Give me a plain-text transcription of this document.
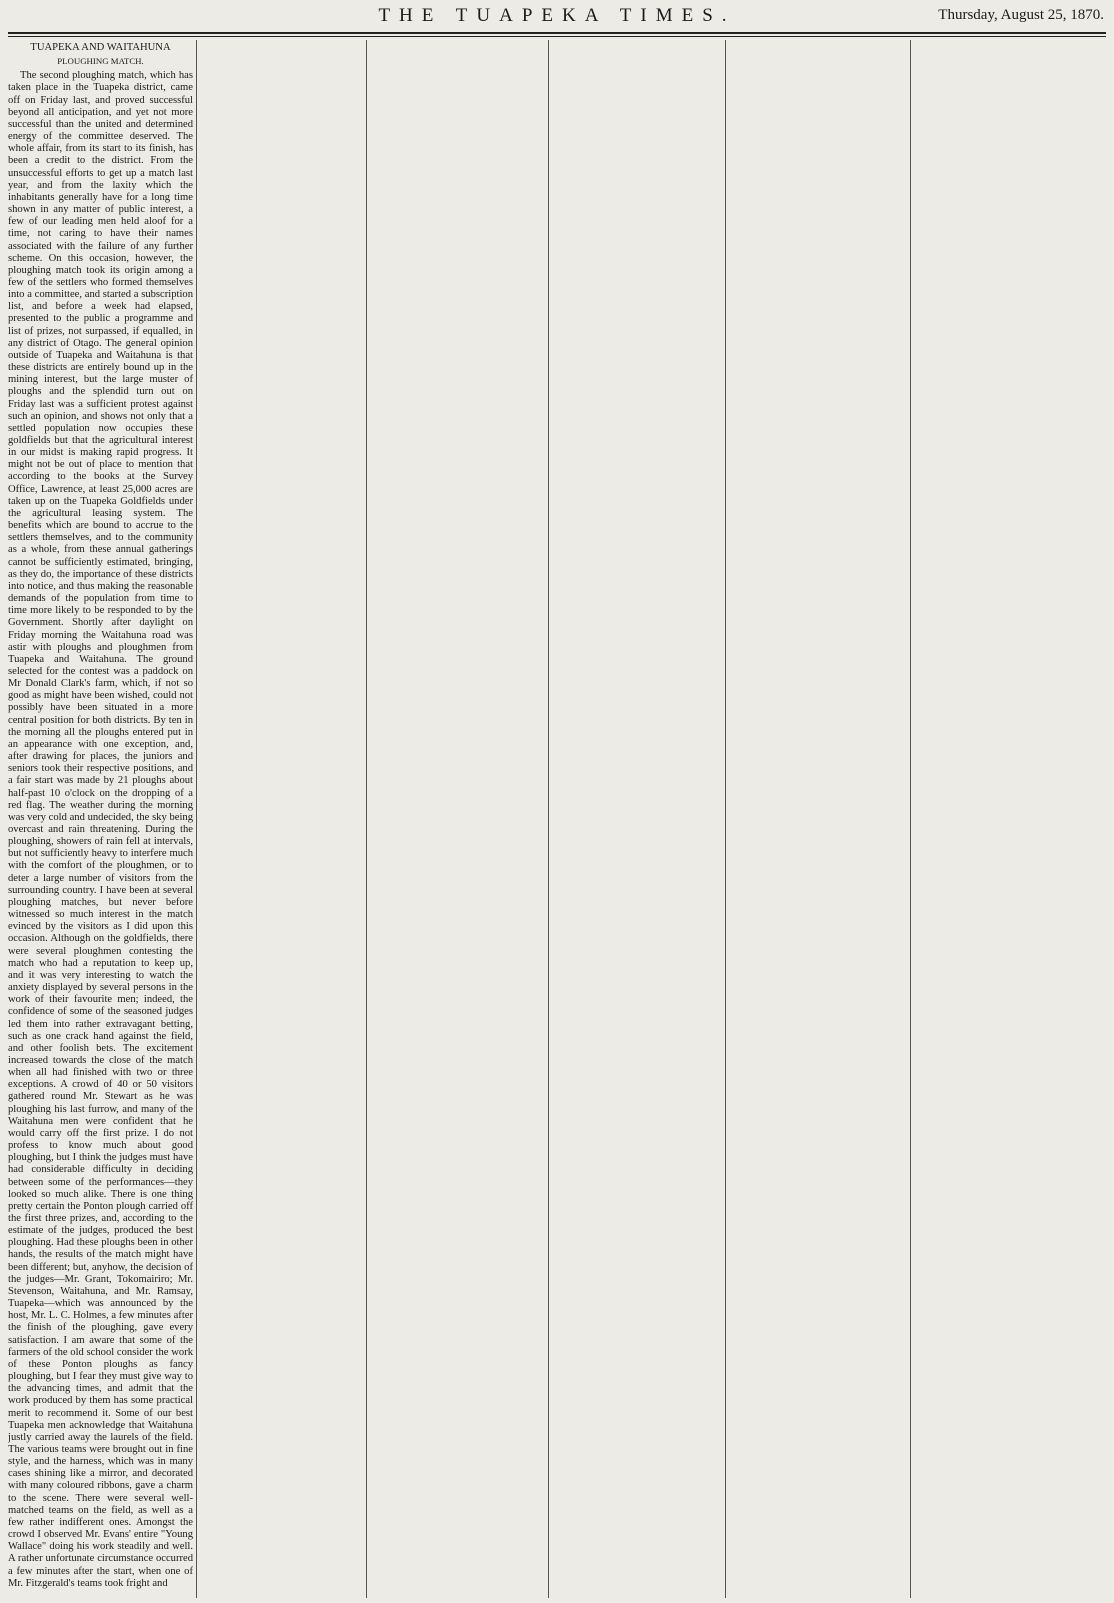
THE TUAPEKA TIMES.	Thursday, August 25, 1870.
TUAPEKA AND WAITAHUNA
PLOUGHING MATCH.

The second ploughing match, which has taken place in the Tuapeka district, came off on Friday last, and proved successful beyond all anticipation, and yet not more successful than the united and determined energy of the committee deserved. The whole affair, from its start to its finish, has been a credit to the district. From the unsuccessful efforts to get up a match last year, and from the laxity which the inhabitants generally have for a long time shown in any matter of public interest, a few of our leading men held aloof for a time, not caring to have their names associated with the failure of any further scheme. On this occasion, however, the ploughing match took its origin among a few of the settlers who formed themselves into a committee, and started a subscription list, and before a week had elapsed, presented to the public a programme and list of prizes, not surpassed, if equalled, in any district of Otago. The general opinion outside of Tuapeka and Waitahuna is that these districts are entirely bound up in the mining interest, but the large muster of ploughs and the splendid turn out on Friday last was a sufficient protest against such an opinion, and shows not only that a settled population now occupies these goldfields but that the agricultural interest in our midst is making rapid progress. It might not be out of place to mention that according to the books at the Survey Office, Lawrence, at least 25,000 acres are taken up on the Tuapeka Goldfields under the agricultural leasing system. The benefits which are bound to accrue to the settlers themselves, and to the community as a whole, from these annual gatherings cannot be sufficiently estimated, bringing, as they do, the importance of these districts into notice, and thus making the reasonable demands of the population from time to time more likely to be responded to by the Government. Shortly after daylight on Friday morning the Waitahuna road was astir with ploughs and ploughmen from Tuapeka and Waitahuna. The ground selected for the contest was a paddock on Mr Donald Clark's farm, which, if not so good as might have been wished, could not possibly have been situated in a more central position for both districts. By ten in the morning all the ploughs entered put in an appearance with one exception, and, after drawing for places, the juniors and seniors took their respective positions, and a fair start was made by 21 ploughs about half-past 10 o'clock on the dropping of a red flag. The weather during the morning was very cold and undecided, the sky being overcast and rain threatening. During the ploughing, showers of rain fell at intervals, but not sufficiently heavy to interfere much with the comfort of the ploughmen, or to deter a large number of visitors from the surrounding country. I have been at several ploughing matches, but never before witnessed so much interest in the match evinced by the visitors as I did upon this occasion. Although on the goldfields, there were several ploughmen contesting the match who had a reputation to keep up, and it was very interesting to watch the anxiety displayed by several persons in the work of their favourite men; indeed, the confidence of some of the seasoned judges led them into rather extravagant betting, such as one crack hand against the field, and other foolish bets. The excitement increased towards the close of the match when all had finished with two or three exceptions. A crowd of 40 or 50 visitors gathered round Mr. Stewart as he was ploughing his last furrow, and many of the Waitahuna men were confident that he would carry off the first prize. I do not profess to know much about good ploughing, but I think the judges must have had considerable difficulty in deciding between some of the performances—they looked so much alike. There is one thing pretty certain the Ponton plough carried off the first three prizes, and, according to the estimate of the judges, produced the best ploughing. Had these ploughs been in other hands, the results of the match might have been different; but, anyhow, the decision of the judges—Mr. Grant, Tokomairiro; Mr. Stevenson, Waitahuna, and Mr. Ramsay, Tuapeka—which was announced by the host, Mr. L. C. Holmes, a few minutes after the finish of the ploughing, gave every satisfaction. I am aware that some of the farmers of the old school consider the work of these Ponton ploughs as fancy ploughing, but I fear they must give way to the advancing times, and admit that the work produced by them has some practical merit to recommend it. Some of our best Tuapeka men acknowledge that Waitahuna justly carried away the laurels of the field. The various teams were brought out in fine style, and the harness, which was in many cases shining like a mirror, and decorated with many coloured ribbons, gave a charm to the scene. There were several well-matched teams on the field, as well as a few rather indifferent ones. Amongst the crowd I observed Mr. Evans' entire "Young Wallace" doing his work steadily and well. A rather unfortunate circumstance occurred a few minutes after the start, when one of Mr. Fitzgerald's teams took fright and
